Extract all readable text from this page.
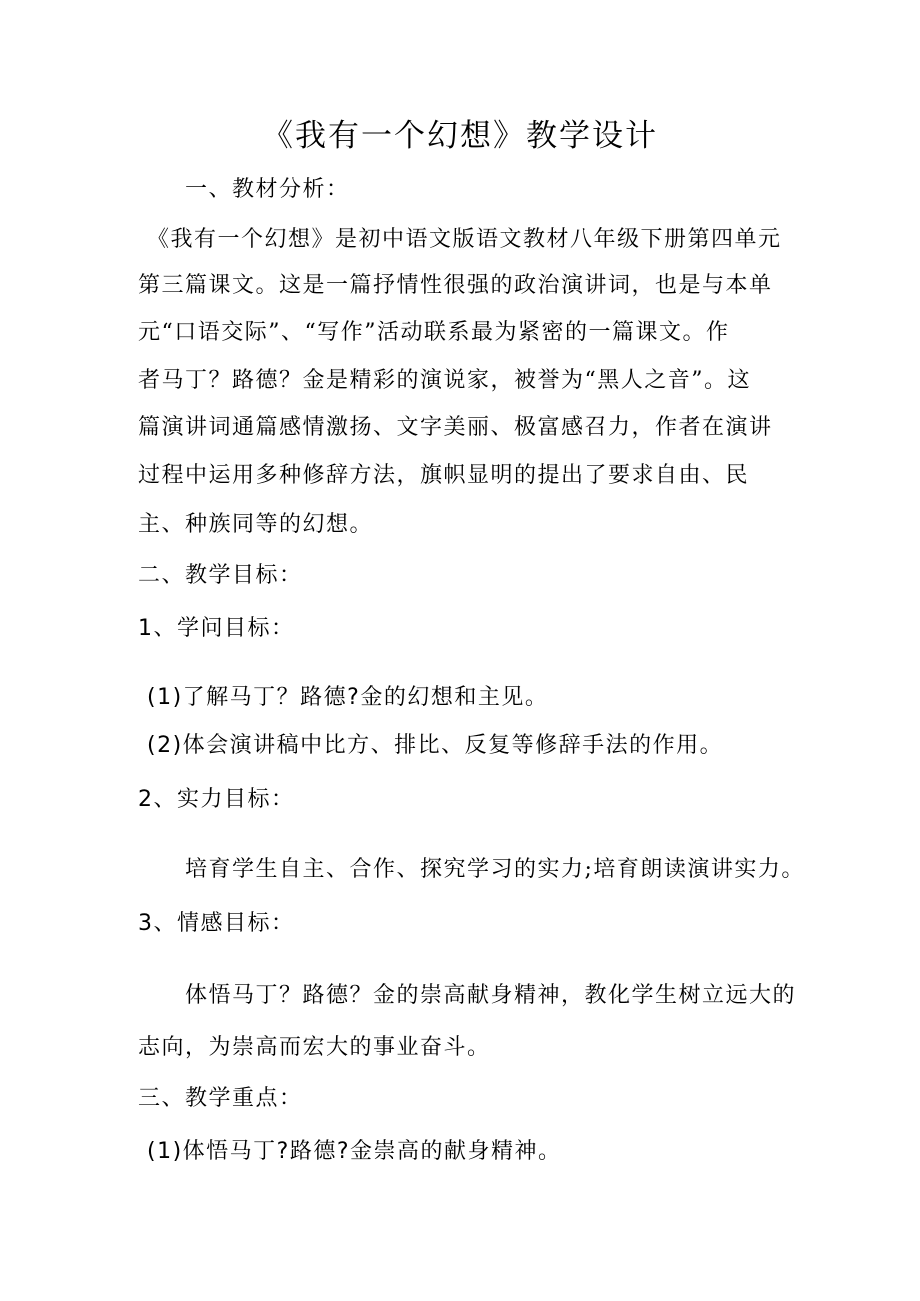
《我有一个幻想》教学设计
一、教材分析：
《我有一个幻想》是初中语文版语文教材八年级下册第四单元
第三篇课文。这是一篇抒情性很强的政治演讲词，也是与本单
元“口语交际”、“写作”活动联系最为紧密的一篇课文。作
者马丁？路德？金是精彩的演说家，被誉为“黑人之音”。这
篇演讲词通篇感情激扬、文字美丽、极富感召力，作者在演讲
过程中运用多种修辞方法，旗帜显明的提出了要求自由、民
主、种族同等的幻想。
二、教学目标：
1、学问目标：
(1)了解马丁？路德?金的幻想和主见。
(2)体会演讲稿中比方、排比、反复等修辞手法的作用。
2、实力目标：
培育学生自主、合作、探究学习的实力;培育朗读演讲实力。
3、情感目标：
体悟马丁？路德？金的崇高献身精神，教化学生树立远大的
志向，为崇高而宏大的事业奋斗。
三、教学重点：
(1)体悟马丁?路德?金崇高的献身精神。
